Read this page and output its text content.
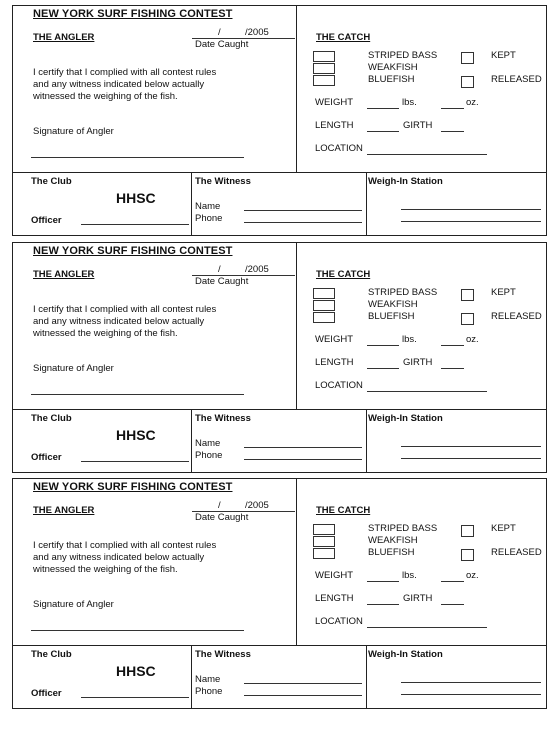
NEW YORK SURF FISHING CONTEST
THE ANGLER	/	/2005
Date Caught
I certify that I complied with all contest rules
and any witness indicated below actually
witnessed the weighing of the fish.
Signature of Angler
THE CATCH
STRIPED BASS
WEAKFISH
BLUEFISH
KEPT
RELEASED
WEIGHT	lbs.	oz.
LENGTH	GIRTH
LOCATION
The Club
HHSC
Officer
The Witness
Name
Phone
Weigh-In Station
NEW YORK SURF FISHING CONTEST
THE ANGLER	/	/2005
Date Caught
I certify that I complied with all contest rules
and any witness indicated below actually
witnessed the weighing of the fish.
Signature of Angler
THE CATCH
STRIPED BASS
WEAKFISH
BLUEFISH
KEPT
RELEASED
WEIGHT	lbs.	oz.
LENGTH	GIRTH
LOCATION
The Club
HHSC
Officer
The Witness
Name
Phone
Weigh-In Station
NEW YORK SURF FISHING CONTEST
THE ANGLER	/	/2005
Date Caught
I certify that I complied with all contest rules
and any witness indicated below actually
witnessed the weighing of the fish.
Signature of Angler
THE CATCH
STRIPED BASS
WEAKFISH
BLUEFISH
KEPT
RELEASED
WEIGHT	lbs.	oz.
LENGTH	GIRTH
LOCATION
The Club
HHSC
Officer
The Witness
Name
Phone
Weigh-In Station
